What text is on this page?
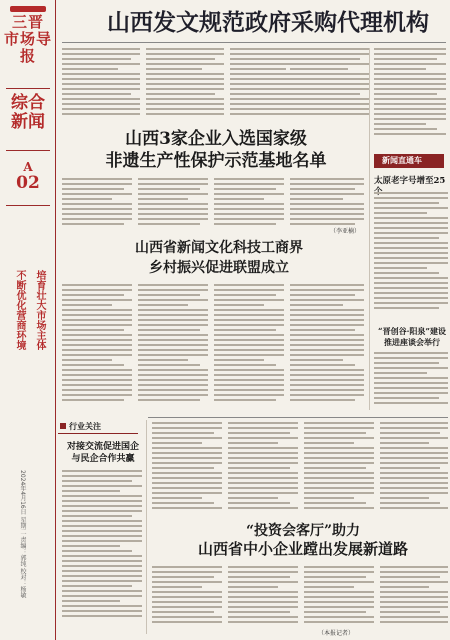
三晋
市场导报
综合
新闻
A
02
培育壮大市场主体
不断优化营商环境
2024年4月16日 星期二 责编：郭纯 校对：杨敏
山西发文规范政府采购代理机构
山西3家企业入选国家级
非遗生产性保护示范基地名单
（李亚楠）
山西省新闻文化科技工商界
乡村振兴促进联盟成立
新闻直通车
太原老字号增至25
“晋创谷·阳泉”建设推进座谈会举行
行业关注
对接交流促进国企与民企合作共赢
“投资会客厅”助力
山西省中小企业蹚出发展新道路
（本报记者）
